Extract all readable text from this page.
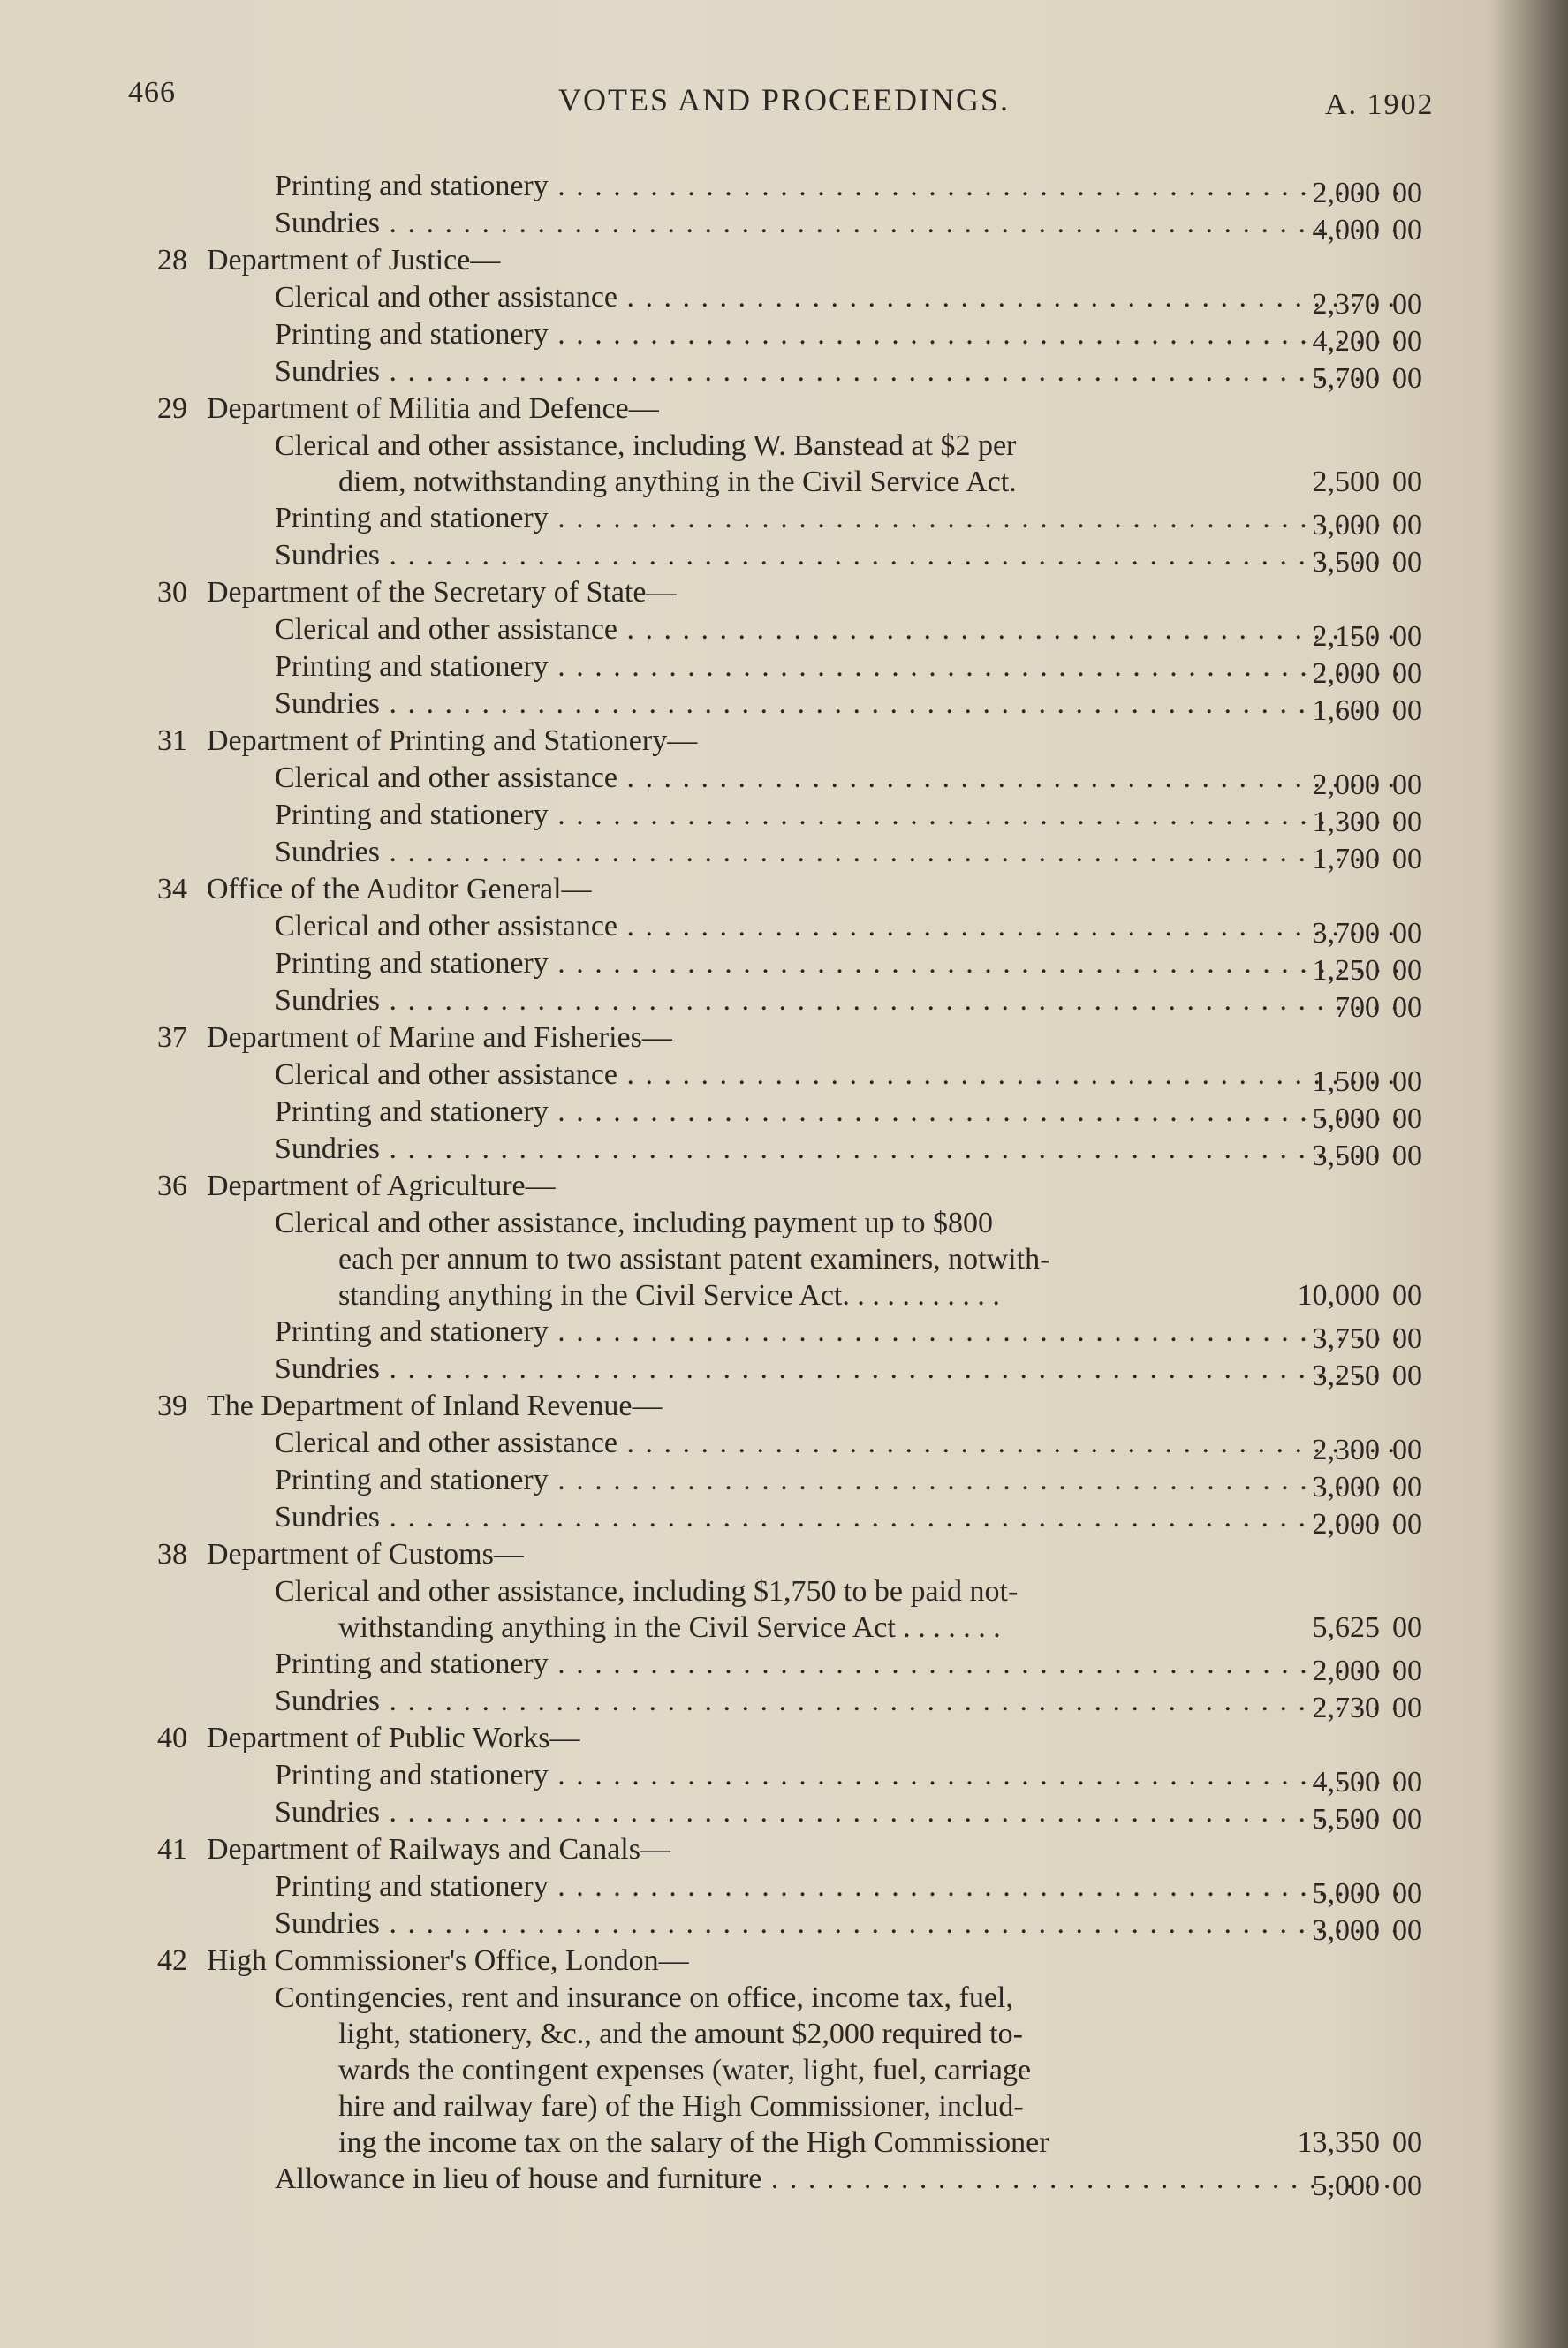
466	VOTES AND PROCEEDINGS.	A. 1902
Printing and stationery . . .	2,000 00
Sundries . . .	4,000 00
28 Department of Justice—
Clerical and other assistance . . .	2,370 00
Printing and stationery . . .	4,200 00
Sundries . . .	5,700 00
29 Department of Militia and Defence—
Clerical and other assistance, including W. Banstead at $2 per
diem, notwithstanding anything in the Civil Service Act.	2,500 00
Printing and stationery . . .	3,000 00
Sundries . . .	3,500 00
30 Department of the Secretary of State—
Clerical and other assistance . . .	2,150 00
Printing and stationery . . .	2,000 00
Sundries . . .	1,600 00
31 Department of Printing and Stationery—
Clerical and other assistance . . .	2,000 00
Printing and stationery . . .	1,300 00
Sundries . . .	1,700 00
34 Office of the Auditor General—
Clerical and other assistance . . .	3,700 00
Printing and stationery . . .	1,250 00
Sundries . . .	700 00
37 Department of Marine and Fisheries—
Clerical and other assistance . . .	1,500 00
Printing and stationery . . .	5,000 00
Sundries . . .	3,500 00
36 Department of Agriculture—
Clerical and other assistance, including payment up to $800
each per annum to two assistant patent examiners, notwith-
standing anything in the Civil Service Act. . . . . . . . . . .	10,000 00
Printing and stationery . . .	3,750 00
Sundries . . .	3,250 00
39 The Department of Inland Revenue—
Clerical and other assistance . . .	2,300 00
Printing and stationery . . .	3,000 00
Sundries . . .	2,000 00
38 Department of Customs—
Clerical and other assistance, including $1,750 to be paid not-
withstanding anything in the Civil Service Act . . . . . . .	5,625 00
Printing and stationery . . .	2,000 00
Sundries . . .	2,730 00
40 Department of Public Works—
Printing and stationery . . .	4,500 00
Sundries . . .	5,500 00
41 Department of Railways and Canals—
Printing and stationery . . .	5,000 00
Sundries . . .	3,000 00
42 High Commissioner's Office, London—
Contingencies, rent and insurance on office, income tax, fuel,
light, stationery, &c., and the amount $2,000 required to-
wards the contingent expenses (water, light, fuel, carriage
hire and railway fare) of the High Commissioner, includ-
ing the income tax on the salary of the High Commissioner	13,350 00
Allowance in lieu of house and furniture . . .	5,000 00
